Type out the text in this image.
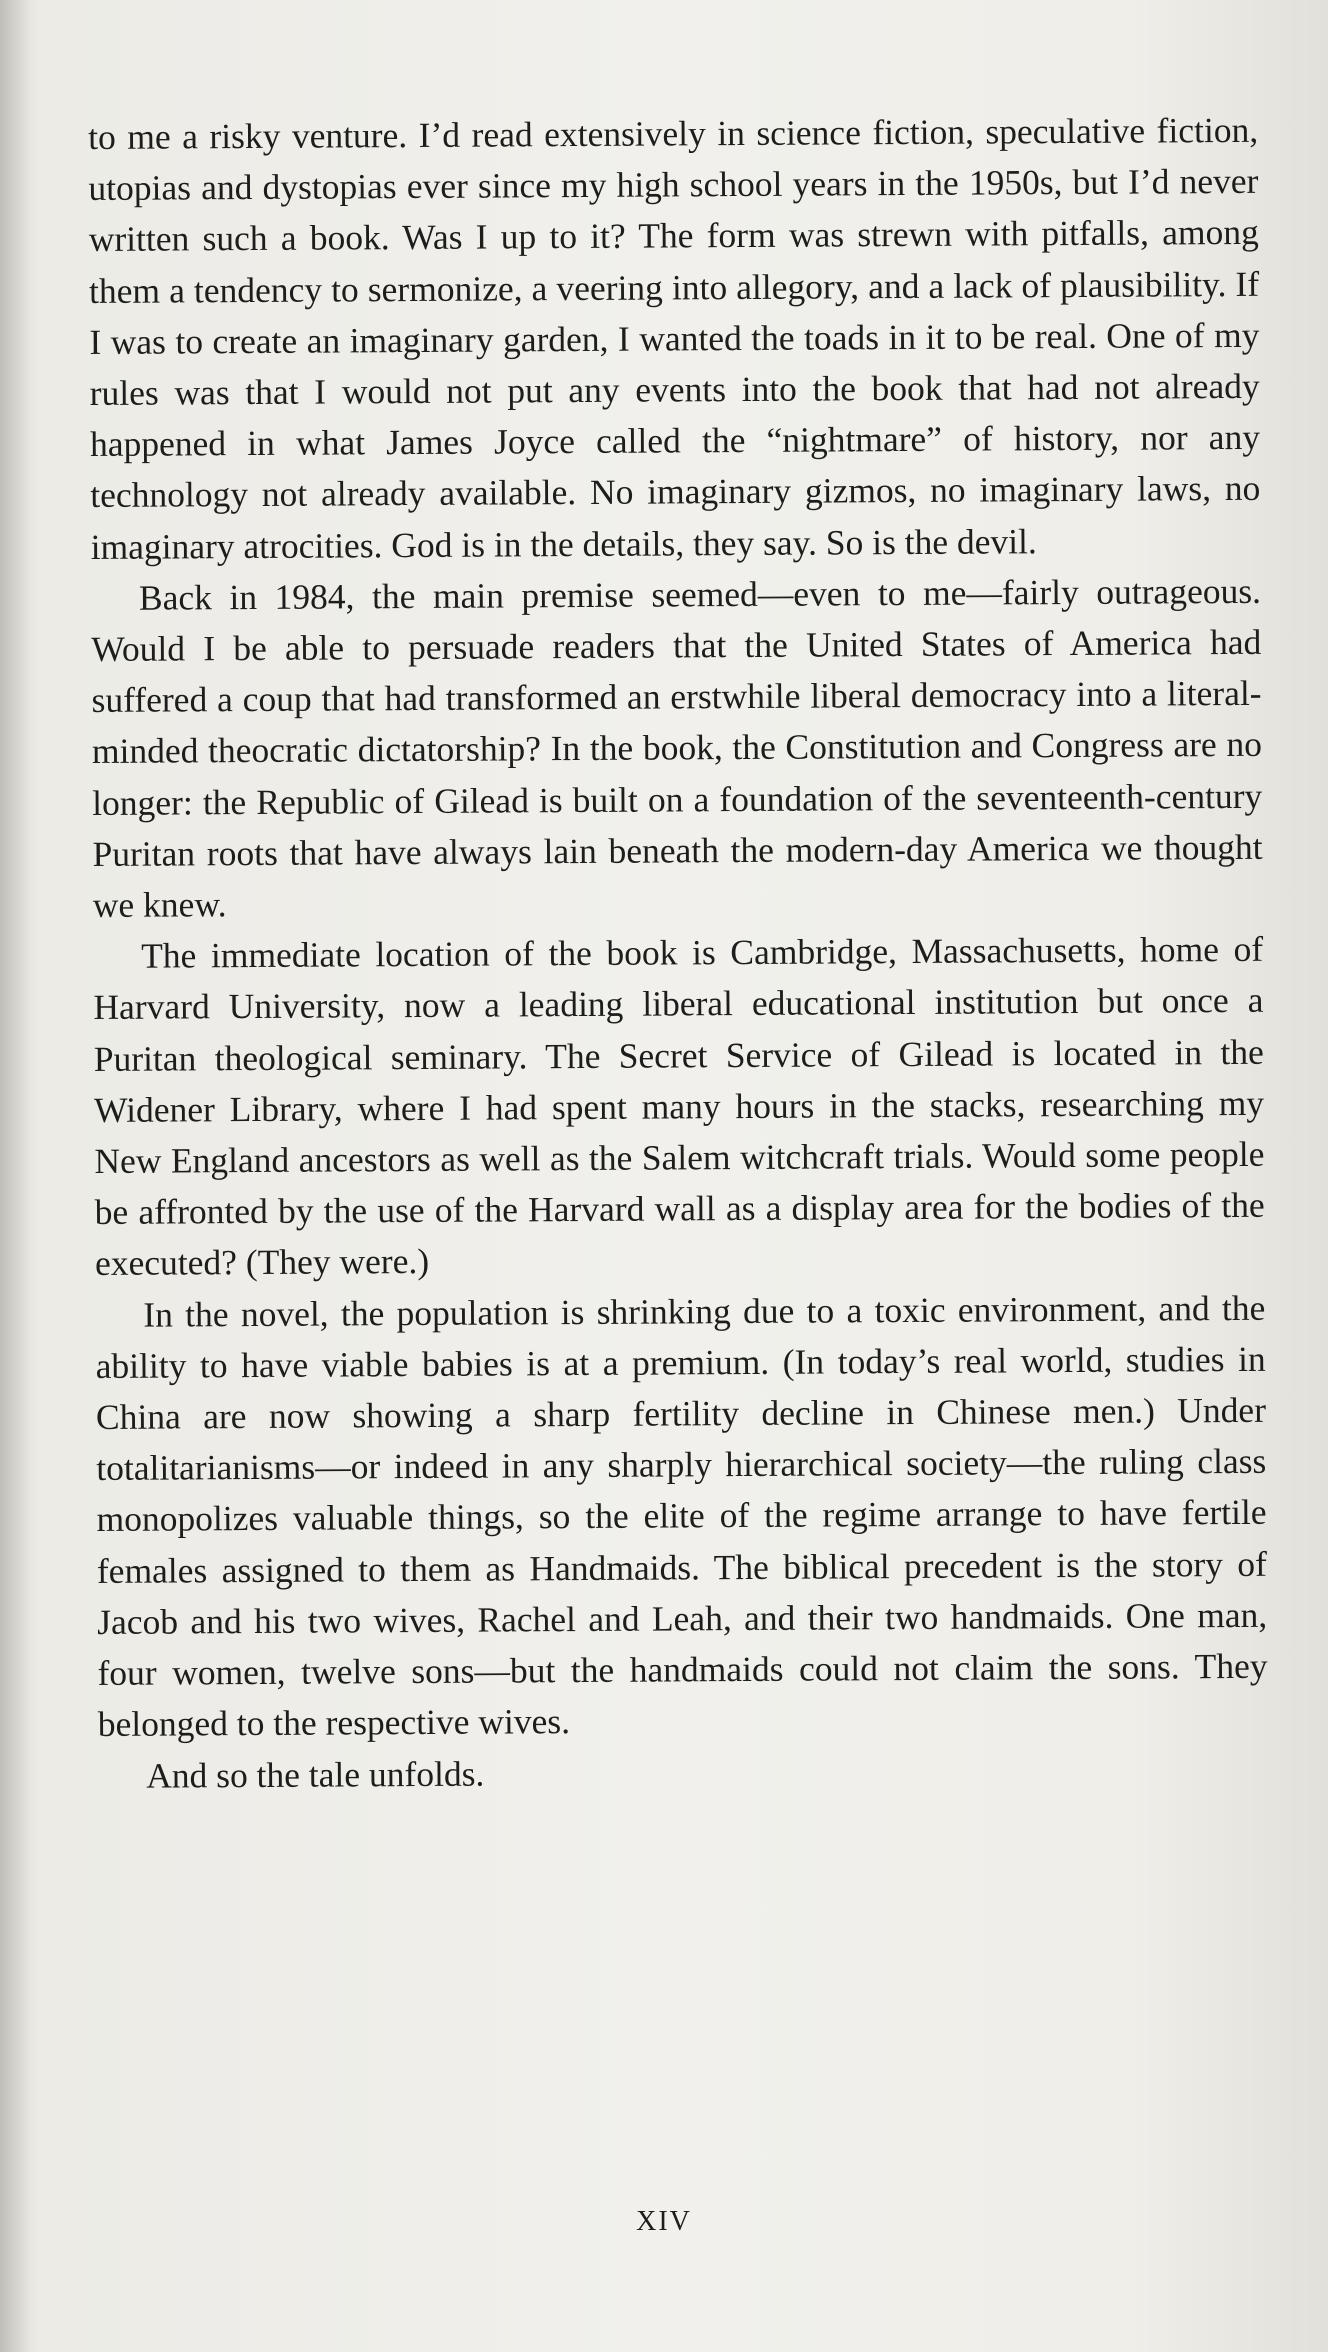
to me a risky venture. I’d read extensively in science fiction, speculative fiction, utopias and dystopias ever since my high school years in the 1950s, but I’d never written such a book. Was I up to it? The form was strewn with pitfalls, among them a tendency to sermonize, a veering into allegory, and a lack of plausibility. If I was to create an imaginary garden, I wanted the toads in it to be real. One of my rules was that I would not put any events into the book that had not already happened in what James Joyce called the “nightmare” of history, nor any technology not already available. No imaginary gizmos, no imaginary laws, no imaginary atrocities. God is in the details, they say. So is the devil.

Back in 1984, the main premise seemed—even to me—fairly outrageous. Would I be able to persuade readers that the United States of America had suffered a coup that had transformed an erstwhile liberal democracy into a literal-minded theocratic dictatorship? In the book, the Constitution and Congress are no longer: the Republic of Gilead is built on a foundation of the seventeenth-century Puritan roots that have always lain beneath the modern-day America we thought we knew.

The immediate location of the book is Cambridge, Massachusetts, home of Harvard University, now a leading liberal educational institution but once a Puritan theological seminary. The Secret Service of Gilead is located in the Widener Library, where I had spent many hours in the stacks, researching my New England ancestors as well as the Salem witchcraft trials. Would some people be affronted by the use of the Harvard wall as a display area for the bodies of the executed? (They were.)

In the novel, the population is shrinking due to a toxic environment, and the ability to have viable babies is at a premium. (In today’s real world, studies in China are now showing a sharp fertility decline in Chinese men.) Under totalitarianisms—or indeed in any sharply hierarchical society—the ruling class monopolizes valuable things, so the elite of the regime arrange to have fertile females assigned to them as Handmaids. The biblical precedent is the story of Jacob and his two wives, Rachel and Leah, and their two handmaids. One man, four women, twelve sons—but the handmaids could not claim the sons. They belonged to the respective wives.

And so the tale unfolds.

XIV
